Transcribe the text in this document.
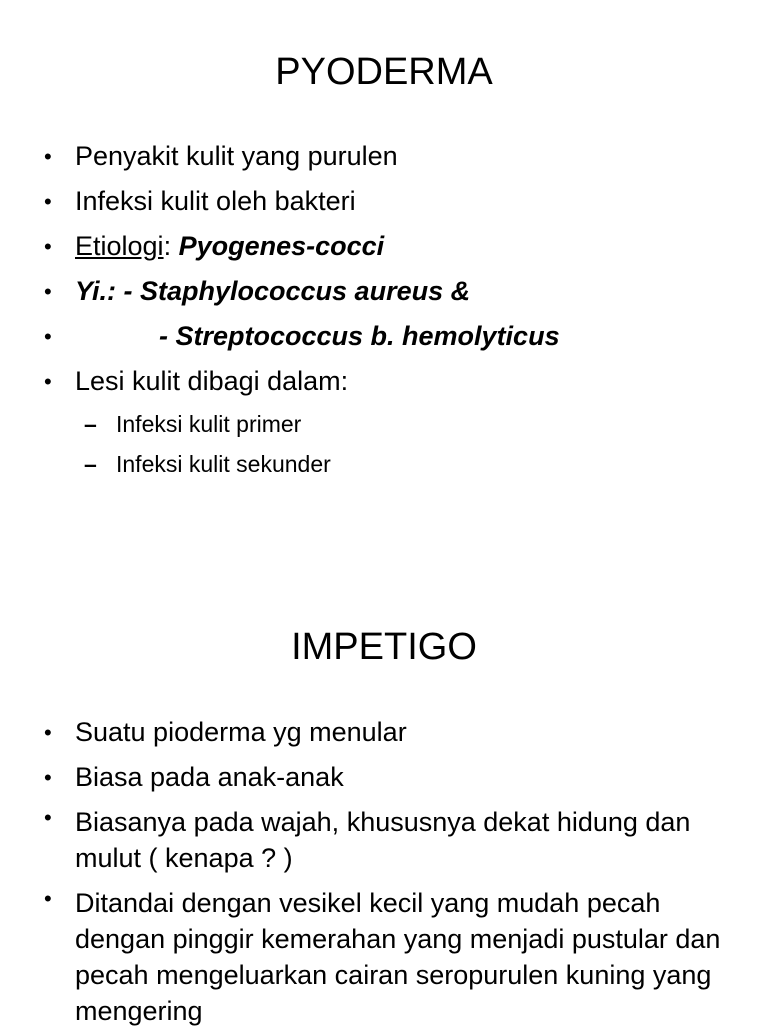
PYODERMA
• Penyakit kulit yang purulen
• Infeksi kulit oleh bakteri
• Etiologi: Pyogenes-cocci
• Yi.: - Staphylococcus aureus &
• - Streptococcus b. hemolyticus
• Lesi kulit dibagi dalam:
– Infeksi kulit primer
– Infeksi kulit sekunder
IMPETIGO
• Suatu pioderma yg menular
• Biasa pada anak-anak
• Biasanya pada wajah, khususnya dekat hidung dan mulut ( kenapa ? )
• Ditandai dengan vesikel kecil yang mudah pecah dengan pinggir kemerahan yang menjadi pustular dan pecah mengeluarkan cairan seropurulen kuning yang mengering
